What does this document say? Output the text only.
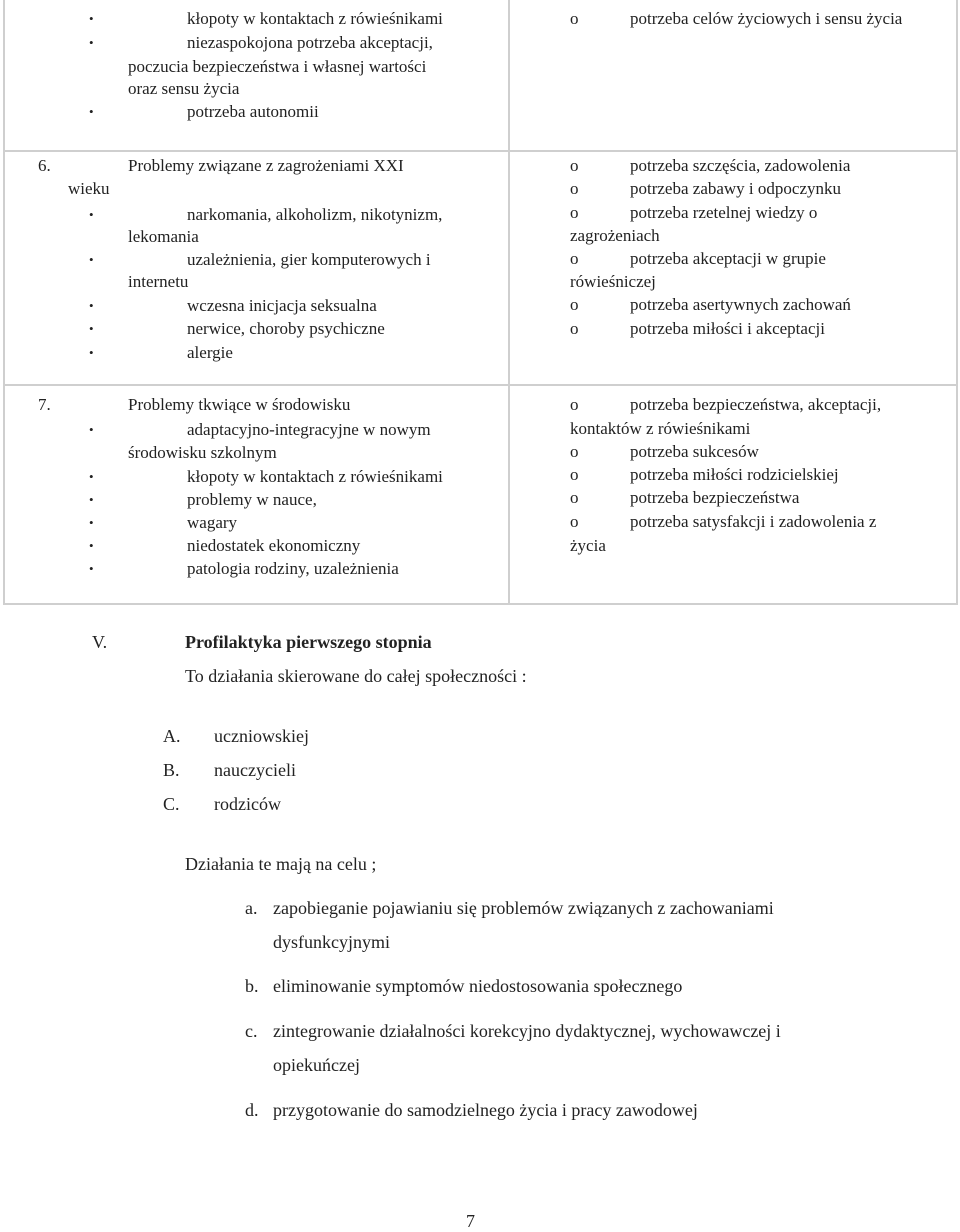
•	kłopoty w kontaktach z rówieśnikami
•	niezaspokojona potrzeba akceptacji,
poczucia bezpieczeństwa i własnej wartości
oraz sensu życia
•	potrzeba autonomii
o	potrzeba celów życiowych i sensu życia
6.	Problemy związane z zagrożeniami XXI
wieku
•	narkomania, alkoholizm, nikotynizm,
lekomania
•	uzależnienia, gier komputerowych i
internetu
•	wczesna inicjacja seksualna
•	nerwice, choroby psychiczne
•	alergie
o	potrzeba szczęścia, zadowolenia
o	potrzeba zabawy i odpoczynku
o	potrzeba rzetelnej wiedzy o
zagrożeniach
o	potrzeba akceptacji w grupie
rówieśniczej
o	potrzeba asertywnych zachowań
o	potrzeba miłości i akceptacji
7.	Problemy tkwiące w środowisku
•	adaptacyjno-integracyjne w nowym
środowisku szkolnym
•	kłopoty w kontaktach z rówieśnikami
•	problemy w nauce,
•	wagary
•	niedostatek ekonomiczny
•	patologia rodziny, uzależnienia
o	potrzeba bezpieczeństwa, akceptacji,
kontaktów z rówieśnikami
o	potrzeba sukcesów
o	potrzeba miłości rodzicielskiej
o	potrzeba bezpieczeństwa
o	potrzeba satysfakcji i zadowolenia z
życia
V.	Profilaktyka pierwszego stopnia
To działania skierowane do całej społeczności :
A. uczniowskiej
B. nauczycieli
C. rodziców
Działania te mają na celu ;
a. zapobieganie pojawianiu się problemów związanych z zachowaniami
dysfunkcyjnymi
b. eliminowanie symptomów niedostosowania społecznego
c. zintegrowanie działalności korekcyjno dydaktycznej, wychowawczej i
opiekuńczej
d. przygotowanie do samodzielnego życia i pracy zawodowej
7
